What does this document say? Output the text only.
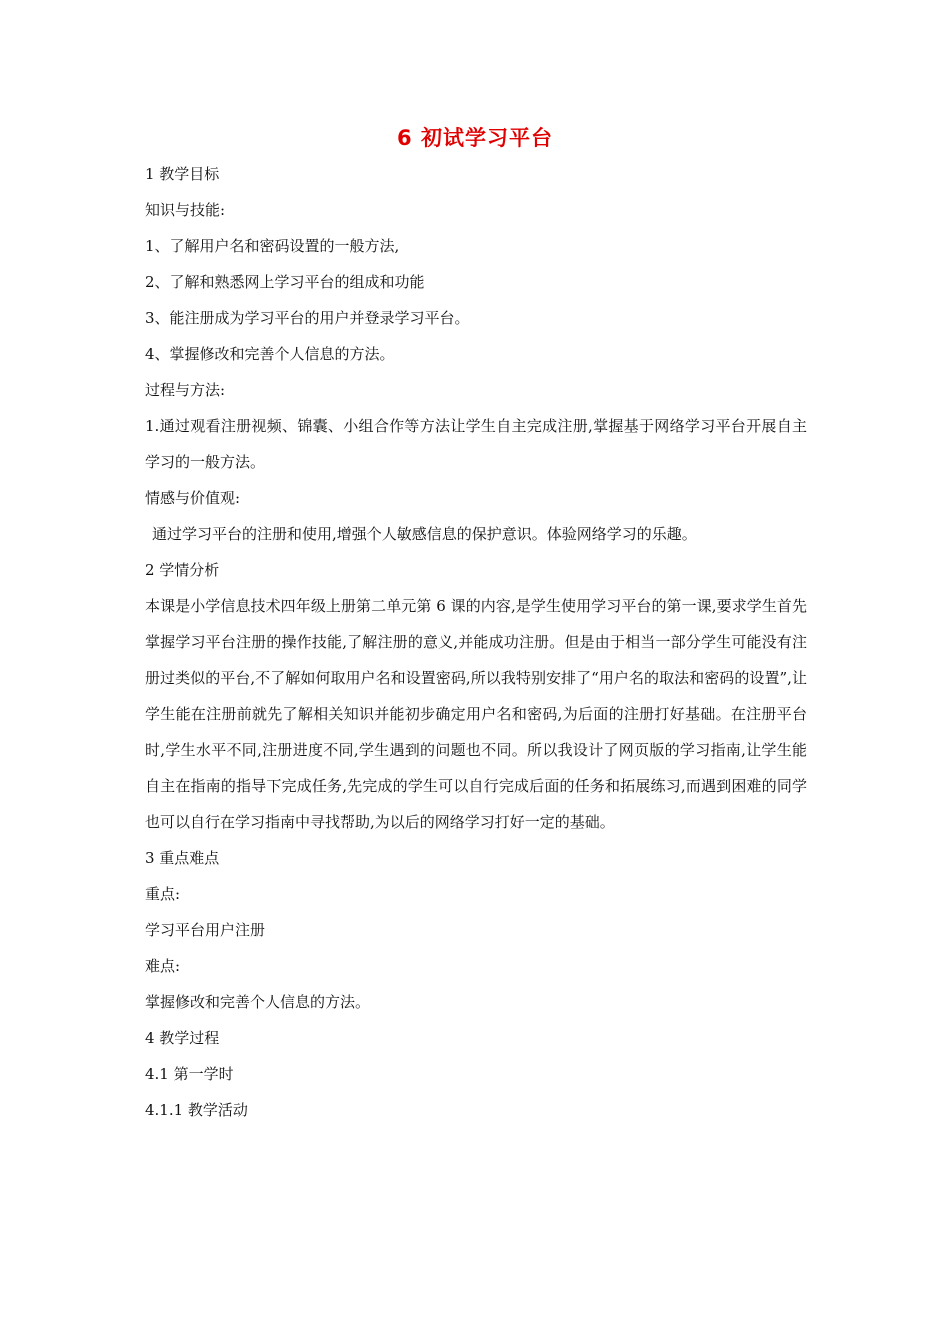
6 初试学习平台
1 教学目标
知识与技能:
1、了解用户名和密码设置的一般方法,
2、了解和熟悉网上学习平台的组成和功能
3、能注册成为学习平台的用户并登录学习平台。
4、掌握修改和完善个人信息的方法。
过程与方法:
1.通过观看注册视频、锦囊、小组合作等方法让学生自主完成注册,掌握基于网络学习平台开展自主学习的一般方法。
情感与价值观:
通过学习平台的注册和使用,增强个人敏感信息的保护意识。体验网络学习的乐趣。
2 学情分析
本课是小学信息技术四年级上册第二单元第 6 课的内容,是学生使用学习平台的第一课,要求学生首先掌握学习平台注册的操作技能,了解注册的意义,并能成功注册。但是由于相当一部分学生可能没有注册过类似的平台,不了解如何取用户名和设置密码,所以我特别安排了“用户名的取法和密码的设置”,让学生能在注册前就先了解相关知识并能初步确定用户名和密码,为后面的注册打好基础。在注册平台时,学生水平不同,注册进度不同,学生遇到的问题也不同。所以我设计了网页版的学习指南,让学生能自主在指南的指导下完成任务,先完成的学生可以自行完成后面的任务和拓展练习,而遇到困难的同学也可以自行在学习指南中寻找帮助,为以后的网络学习打好一定的基础。
3 重点难点
重点:
学习平台用户注册
难点:
掌握修改和完善个人信息的方法。
4 教学过程
4.1 第一学时
4.1.1 教学活动
